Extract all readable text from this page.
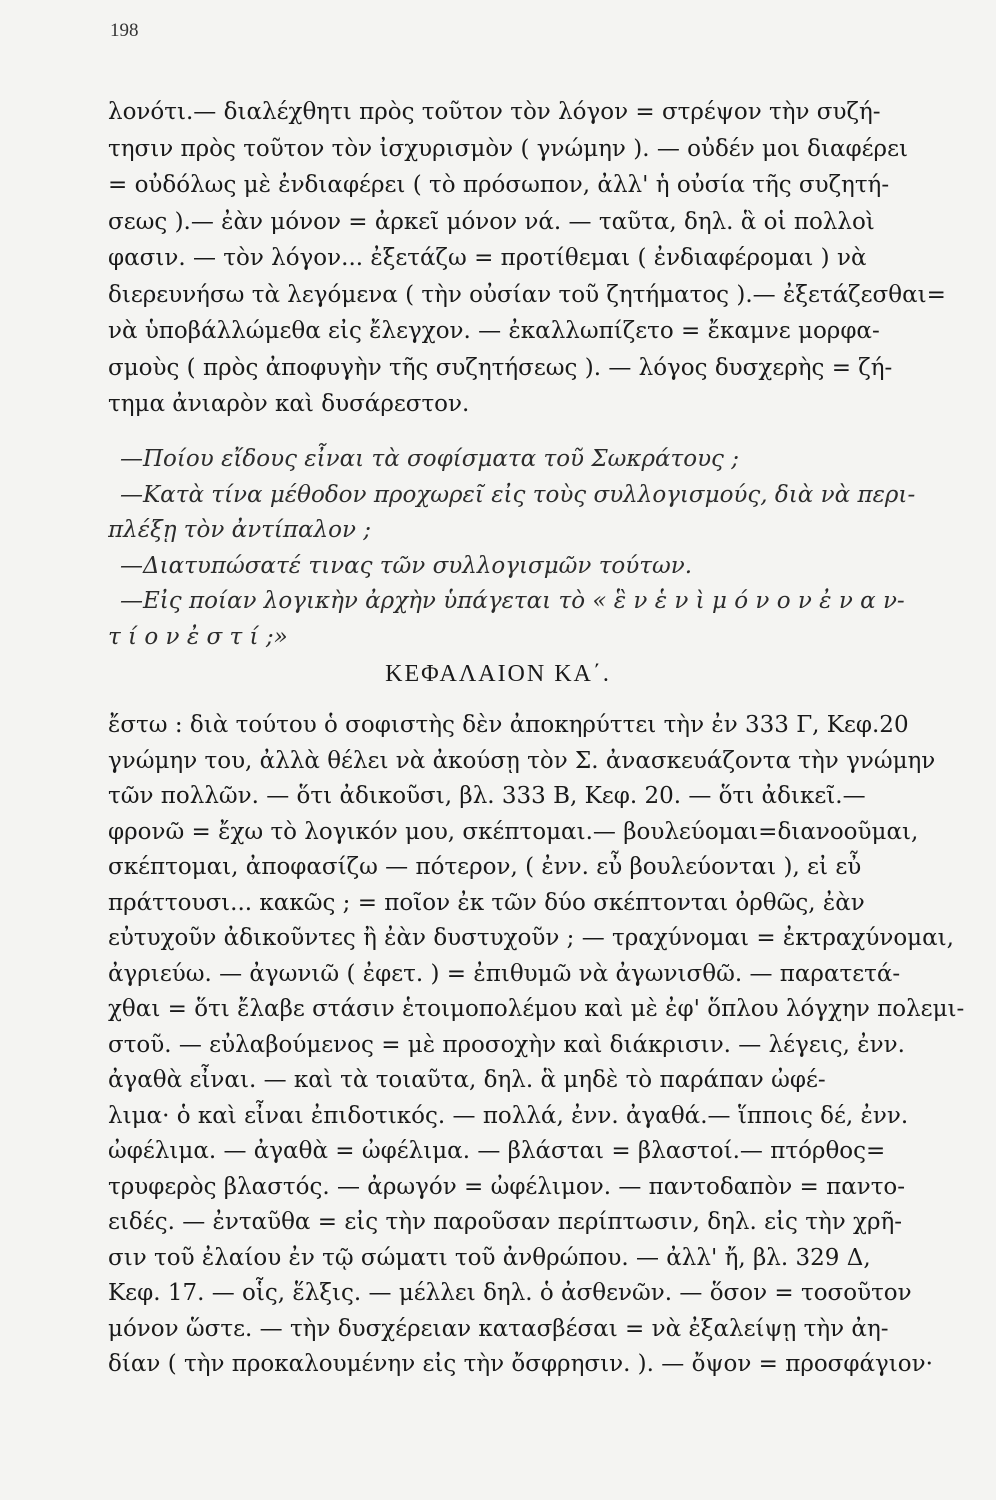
198
λονότι.— διαλέχθητι πρὸς τοῦτον τὸν λόγον = στρέψον τὴν συζή-
τησιν πρὸς τοῦτον τὸν ἰσχυρισμὸν ( γνώμην ). — οὐδέν μοι διαφέρει
= οὐδόλως μὲ ἐνδιαφέρει ( τὸ πρόσωπον, ἀλλ' ἡ οὐσία τῆς συζητή-
σεως ).— ἐὰν μόνον = ἀρκεῖ μόνον νά. — ταῦτα, δηλ. ἃ οἱ πολλοὶ
φασιν. — τὸν λόγον... ἐξετάζω = προτίθεμαι ( ἐνδιαφέρομαι ) νὰ
διερευνήσω τὰ λεγόμενα ( τὴν οὐσίαν τοῦ ζητήματος ).— ἐξετάζεσθαι=
νὰ ὑποβάλλώμεθα εἰς ἔλεγχον. — ἐκαλλωπίζετο = ἔκαμνε μορφα-
σμοὺς ( πρὸς ἀποφυγὴν τῆς συζητήσεως ). — λόγος δυσχερὴς = ζή-
τημα ἀνιαρὸν καὶ δυσάρεστον.
—Ποίου εἴδους εἶναι τὰ σοφίσματα τοῦ Σωκράτους ;
—Κατὰ τίνα μέθοδον προχωρεῖ εἰς τοὺς συλλογισμούς, διὰ νὰ περι-
πλέξῃ τὸν ἀντίπαλον ;
—Διατυπώσατέ τινας τῶν συλλογισμῶν τούτων.
—Εἰς ποίαν λογικὴν ἀρχὴν ὑπάγεται τὸ « ἓ ν ἑ ν ὶ μ ό ν ο ν ἐ ν α ν-
τ ί ο ν ἐ σ τ ί ;»
ΚΕΦΑΛΑΙΟΝ ΚΑ΄.
ἔστω : διὰ τούτου ὁ σοφιστὴς δὲν ἀποκηρύττει τὴν ἐν 333 Γ, Κεφ.20
γνώμην του, ἀλλὰ θέλει νὰ ἀκούσῃ τὸν Σ. ἀνασκευάζοντα τὴν γνώμην
τῶν πολλῶν. — ὅτι ἀδικοῦσι, βλ. 333 Β, Κεφ. 20. — ὅτι ἀδικεῖ.—
φρονῶ = ἔχω τὸ λογικόν μου, σκέπτομαι.— βουλεύομαι=διανοοῦμαι,
σκέπτομαι, ἀποφασίζω — πότερον, ( ἐνν. εὖ βουλεύονται ), εἰ εὖ
πράττουσι... κακῶς ; = ποῖον ἐκ τῶν δύο σκέπτονται ὀρθῶς, ἐὰν
εὐτυχοῦν ἀδικοῦντες ἢ ἐὰν δυστυχοῦν ; — τραχύνομαι = ἐκτραχύνομαι,
ἀγριεύω. — ἀγωνιῶ ( ἐφετ. ) = ἐπιθυμῶ νὰ ἀγωνισθῶ. — παρατετά-
χθαι = ὅτι ἔλαβε στάσιν ἑτοιμοπολέμου καὶ μὲ ἐφ' ὅπλου λόγχην πολεμι-
στοῦ. — εὐλαβούμενος = μὲ προσοχὴν καὶ διάκρισιν. — λέγεις, ἐνν.
ἀγαθὰ εἶναι. — καὶ τὰ τοιαῦτα, δηλ. ἃ μηδὲ τὸ παράπαν ὠφέ-
λιμα· ὁ καὶ εἶναι ἐπιδοτικός. — πολλά, ἐνν. ἀγαθά.— ἵπποις δέ, ἐνν.
ὠφέλιμα. — ἀγαθὰ = ὠφέλιμα. — βλάσται = βλαστοί.— πτόρθος=
τρυφερὸς βλαστός. — ἀρωγόν = ὠφέλιμον. — παντοδαπὸν = παντο-
ειδές. — ἐνταῦθα = εἰς τὴν παροῦσαν περίπτωσιν, δηλ. εἰς τὴν χρῆ-
σιν τοῦ ἐλαίου ἐν τῷ σώματι τοῦ ἀνθρώπου. — ἀλλ' ἤ, βλ. 329 Δ,
Κεφ. 17. — οἷς, ἕλξις. — μέλλει δηλ. ὁ ἀσθενῶν. — ὅσον = τοσοῦτον
μόνον ὥστε. — τὴν δυσχέρειαν κατασβέσαι = νὰ ἐξαλείψῃ τὴν ἀη-
δίαν ( τὴν προκαλουμένην εἰς τὴν ὄσφρησιν. ). — ὄψον = προσφάγιον·
